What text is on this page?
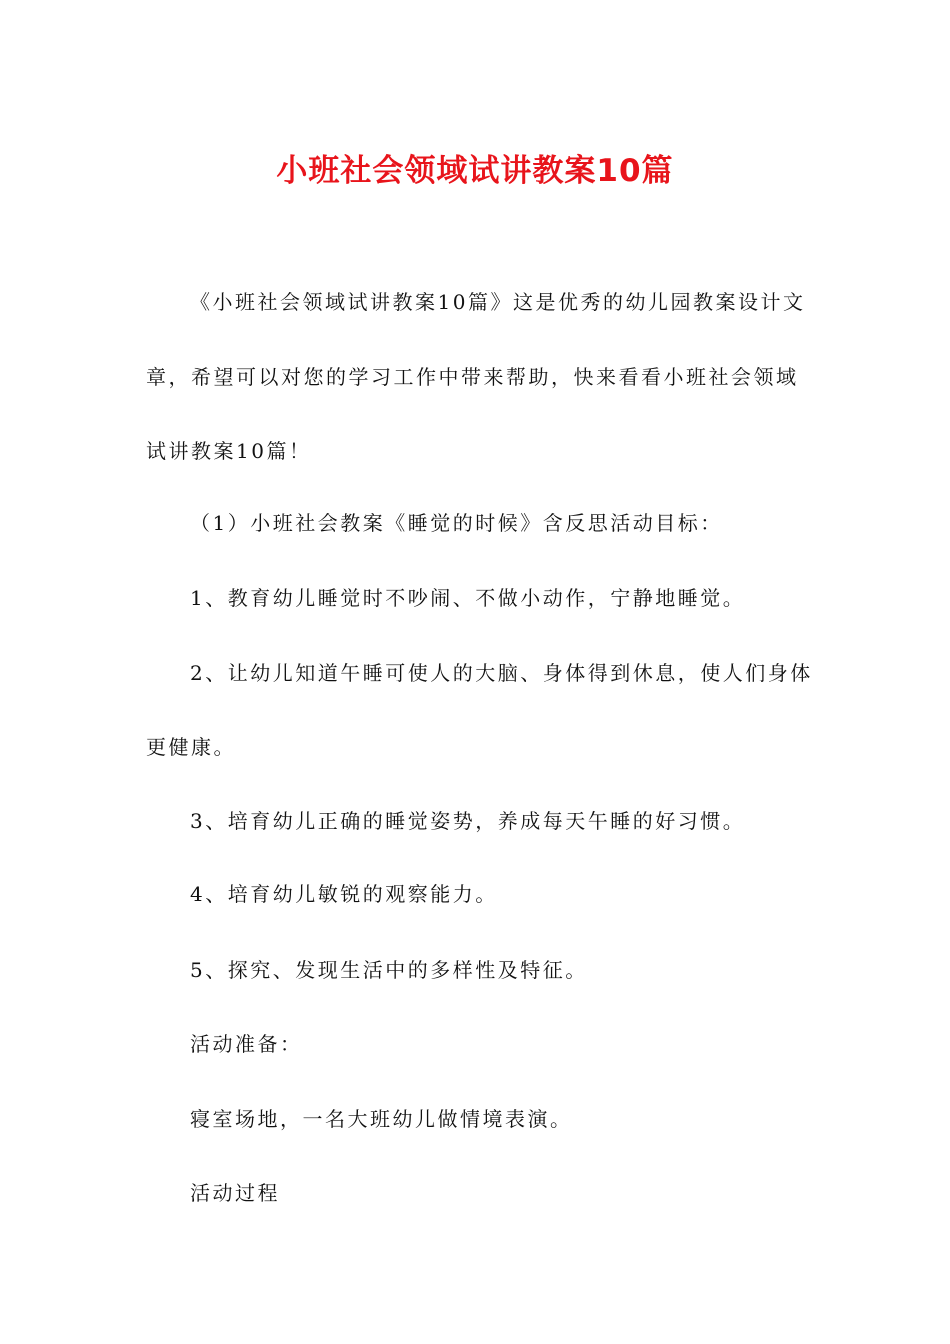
小班社会领域试讲教案10篇
《小班社会领域试讲教案10篇》这是优秀的幼儿园教案设计文
章，希望可以对您的学习工作中带来帮助，快来看看小班社会领域
试讲教案10篇！
（1）小班社会教案《睡觉的时候》含反思活动目标：
1、教育幼儿睡觉时不吵闹、不做小动作，宁静地睡觉。
2、让幼儿知道午睡可使人的大脑、身体得到休息，使人们身体
更健康。
3、培育幼儿正确的睡觉姿势，养成每天午睡的好习惯。
4、培育幼儿敏锐的观察能力。
5、探究、发现生活中的多样性及特征。
活动准备：
寝室场地，一名大班幼儿做情境表演。
活动过程
